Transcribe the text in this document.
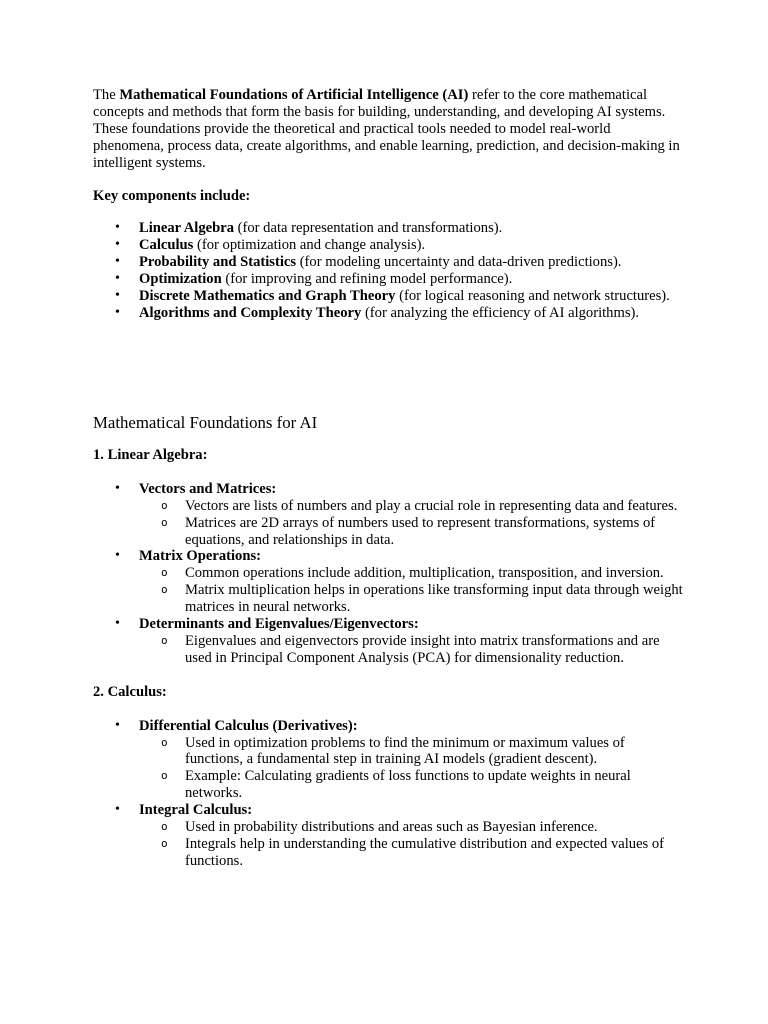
The Mathematical Foundations of Artificial Intelligence (AI) refer to the core mathematical concepts and methods that form the basis for building, understanding, and developing AI systems. These foundations provide the theoretical and practical tools needed to model real-world phenomena, process data, create algorithms, and enable learning, prediction, and decision-making in intelligent systems.

Key components include:

• Linear Algebra (for data representation and transformations).
• Calculus (for optimization and change analysis).
• Probability and Statistics (for modeling uncertainty and data-driven predictions).
• Optimization (for improving and refining model performance).
• Discrete Mathematics and Graph Theory (for logical reasoning and network structures).
• Algorithms and Complexity Theory (for analyzing the efficiency of AI algorithms).

Mathematical Foundations for AI

1. Linear Algebra:

• Vectors and Matrices:
o Vectors are lists of numbers and play a crucial role in representing data and features.
o Matrices are 2D arrays of numbers used to represent transformations, systems of equations, and relationships in data.
• Matrix Operations:
o Common operations include addition, multiplication, transposition, and inversion.
o Matrix multiplication helps in operations like transforming input data through weight matrices in neural networks.
• Determinants and Eigenvalues/Eigenvectors:
o Eigenvalues and eigenvectors provide insight into matrix transformations and are used in Principal Component Analysis (PCA) for dimensionality reduction.

2. Calculus:

• Differential Calculus (Derivatives):
o Used in optimization problems to find the minimum or maximum values of functions, a fundamental step in training AI models (gradient descent).
o Example: Calculating gradients of loss functions to update weights in neural networks.
• Integral Calculus:
o Used in probability distributions and areas such as Bayesian inference.
o Integrals help in understanding the cumulative distribution and expected values of functions.
